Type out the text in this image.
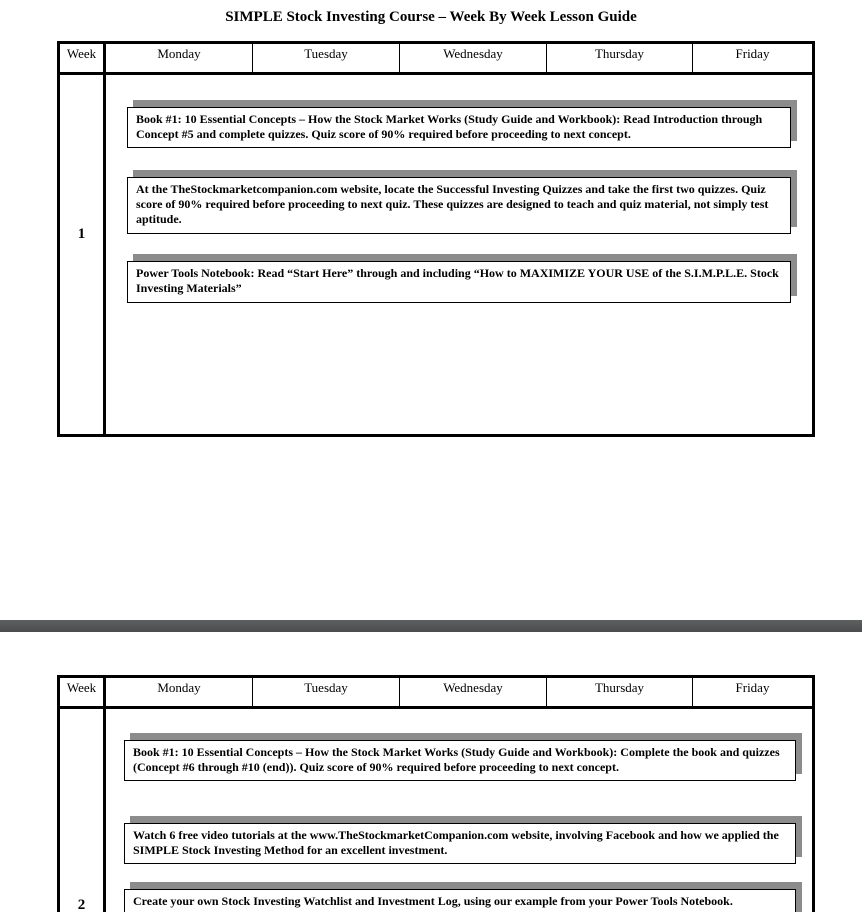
SIMPLE Stock Investing Course – Week By Week Lesson Guide
Week	Monday	Tuesday	Wednesday	Thursday	Friday
1
Book #1: 10 Essential Concepts – How the Stock Market Works (Study Guide and Workbook): Read Introduction through Concept #5 and complete quizzes. Quiz score of 90% required before proceeding to next concept.
At the TheStockmarketcompanion.com website, locate the Successful Investing Quizzes and take the first two quizzes. Quiz score of 90% required before proceeding to next quiz. These quizzes are designed to teach and quiz material, not simply test aptitude.
Power Tools Notebook: Read “Start Here” through and including “How to MAXIMIZE YOUR USE of the S.I.M.P.L.E. Stock Investing Materials”
Week	Monday	Tuesday	Wednesday	Thursday	Friday
2
Book #1: 10 Essential Concepts – How the Stock Market Works (Study Guide and Workbook): Complete the book and quizzes (Concept #6 through #10 (end)). Quiz score of 90% required before proceeding to next concept.
Watch 6 free video tutorials at the www.TheStockmarketCompanion.com website, involving Facebook and how we applied the SIMPLE Stock Investing Method for an excellent investment.
Create your own Stock Investing Watchlist and Investment Log, using our example from your Power Tools Notebook.
